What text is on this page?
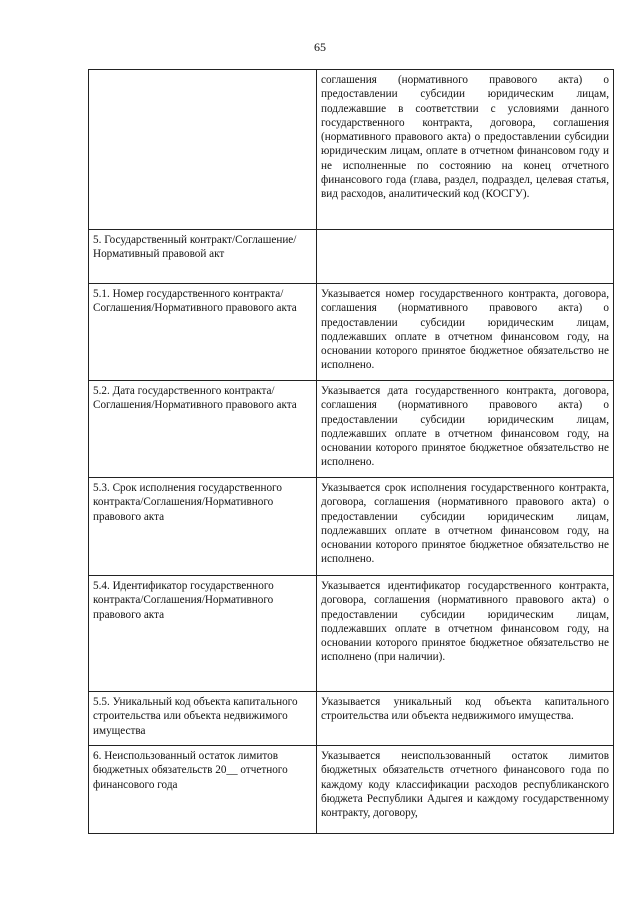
65
	соглашения (нормативного правового акта) о предоставлении субсидии юридическим лицам, подлежавшие в соответствии с условиями данного государственного контракта, договора, соглашения (нормативного правового акта) о предоставлении субсидии юридическим лицам, оплате в отчетном финансовом году и не исполненные по состоянию на конец отчетного финансового года (глава, раздел, подраздел, целевая статья, вид расходов, аналитический код (КОСГУ).
5. Государственный контракт/Соглашение/Нормативный правовой акт	
5.1. Номер государственного контракта/Соглашения/Нормативного правового акта	Указывается номер государственного контракта, договора, соглашения (нормативного правового акта) о предоставлении субсидии юридическим лицам, подлежавших оплате в отчетном финансовом году, на основании которого принятое бюджетное обязательство не исполнено.
5.2. Дата государственного контракта/Соглашения/Нормативного правового акта	Указывается дата государственного контракта, договора, соглашения (нормативного правового акта) о предоставлении субсидии юридическим лицам, подлежавших оплате в отчетном финансовом году, на основании которого принятое бюджетное обязательство не исполнено.
5.3. Срок исполнения государственного контракта/Соглашения/Нормативного правового акта	Указывается срок исполнения государственного контракта, договора, соглашения (нормативного правового акта) о предоставлении субсидии юридическим лицам, подлежавших оплате в отчетном финансовом году, на основании которого принятое бюджетное обязательство не исполнено.
5.4. Идентификатор государственного контракта/Соглашения/Нормативного правового акта	Указывается идентификатор государственного контракта, договора, соглашения (нормативного правового акта) о предоставлении субсидии юридическим лицам, подлежавших оплате в отчетном финансовом году, на основании которого принятое бюджетное обязательство не исполнено (при наличии).
5.5. Уникальный код объекта капитального строительства или объекта недвижимого имущества	Указывается уникальный код объекта капитального строительства или объекта недвижимого имущества.
6. Неиспользованный остаток лимитов бюджетных обязательств 20__ отчетного финансового года	Указывается неиспользованный остаток лимитов бюджетных обязательств отчетного финансового года по каждому коду классификации расходов республиканского бюджета Республики Адыгея и каждому государственному контракту, договору,
